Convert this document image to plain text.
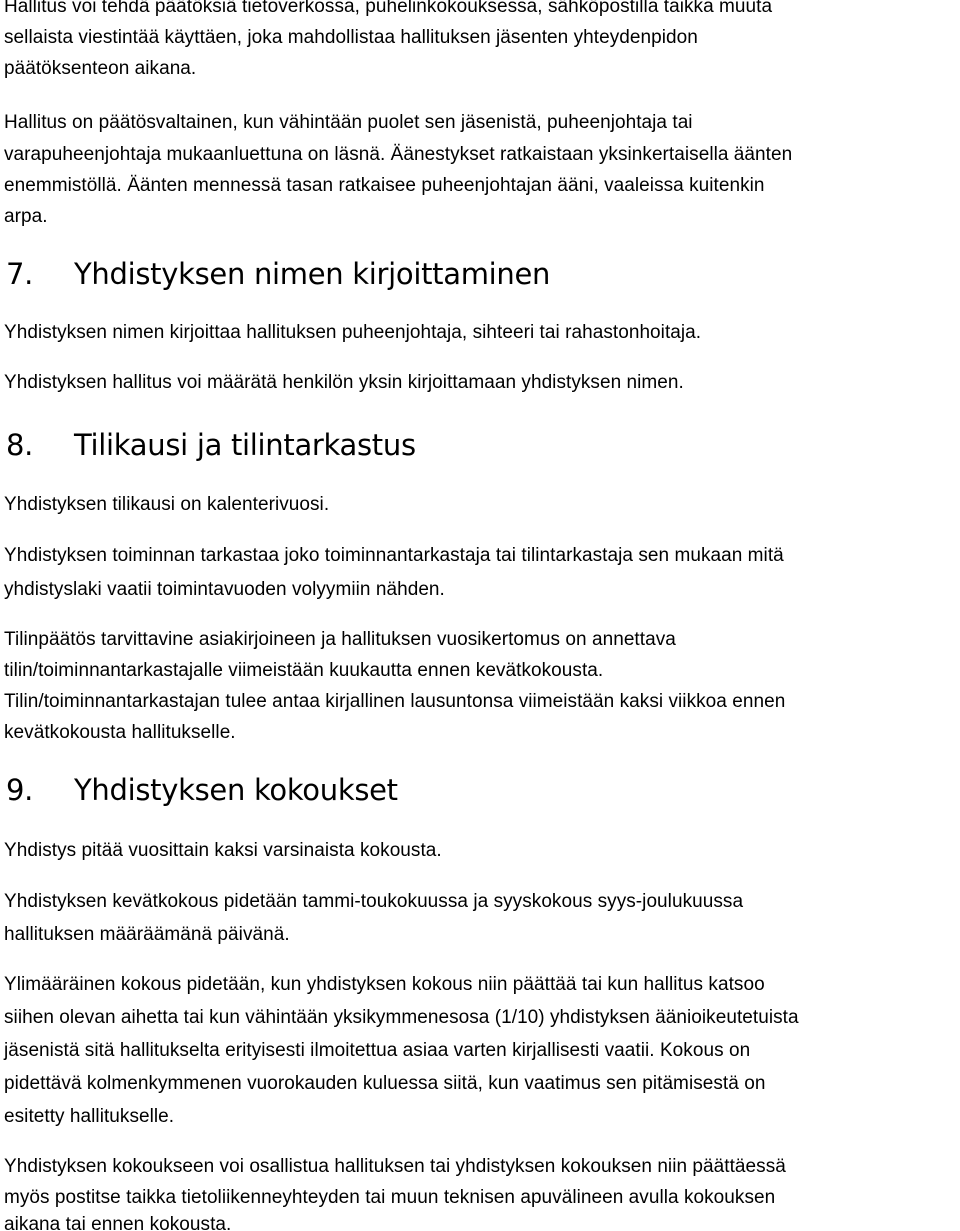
Hallitus voi tehdä päätöksiä tietoverkossa, puhelinkokouksessa, sähköpostilla taikka muuta
sellaista viestintää käyttäen, joka mahdollistaa hallituksen jäsenten yhteydenpidon
päätöksenteon aikana.
Hallitus on päätösvaltainen, kun vähintään puolet sen jäsenistä, puheenjohtaja tai
varapuheenjohtaja mukaanluettuna on läsnä. Äänestykset ratkaistaan yksinkertaisella äänten
enemmistöllä. Äänten mennessä tasan ratkaisee puheenjohtajan ääni, vaaleissa kuitenkin
arpa.
7. Yhdistyksen nimen kirjoittaminen
Yhdistyksen nimen kirjoittaa hallituksen puheenjohtaja, sihteeri tai rahastonhoitaja.
Yhdistyksen hallitus voi määrätä henkilön yksin kirjoittamaan yhdistyksen nimen.
8. Tilikausi ja tilintarkastus
Yhdistyksen tilikausi on kalenterivuosi.
Yhdistyksen toiminnan tarkastaa joko toiminnantarkastaja tai tilintarkastaja sen mukaan mitä
yhdistyslaki vaatii toimintavuoden volyymiin nähden.
Tilinpäätös tarvittavine asiakirjoineen ja hallituksen vuosikertomus on annettava
tilin/toiminnantarkastajalle viimeistään kuukautta ennen kevätkokousta.
Tilin/toiminnantarkastajan tulee antaa kirjallinen lausuntonsa viimeistään kaksi viikkoa ennen
kevätkokousta hallitukselle.
9. Yhdistyksen kokoukset
Yhdistys pitää vuosittain kaksi varsinaista kokousta.
Yhdistyksen kevätkokous pidetään tammi-toukokuussa ja syyskokous syys-joulukuussa
hallituksen määräämänä päivänä.
Ylimääräinen kokous pidetään, kun yhdistyksen kokous niin päättää tai kun hallitus katsoo
siihen olevan aihetta tai kun vähintään yksikymmenesosa (1/10) yhdistyksen äänioikeutetuista
jäsenistä sitä hallitukselta erityisesti ilmoitettua asiaa varten kirjallisesti vaatii. Kokous on
pidettävä kolmenkymmenen vuorokauden kuluessa siitä, kun vaatimus sen pitämisestä on
esitetty hallitukselle.
Yhdistyksen kokoukseen voi osallistua hallituksen tai yhdistyksen kokouksen niin päättäessä
myös postitse taikka tietoliikenneyhteyden tai muun teknisen apuvälineen avulla kokouksen
aikana tai ennen kokousta.
